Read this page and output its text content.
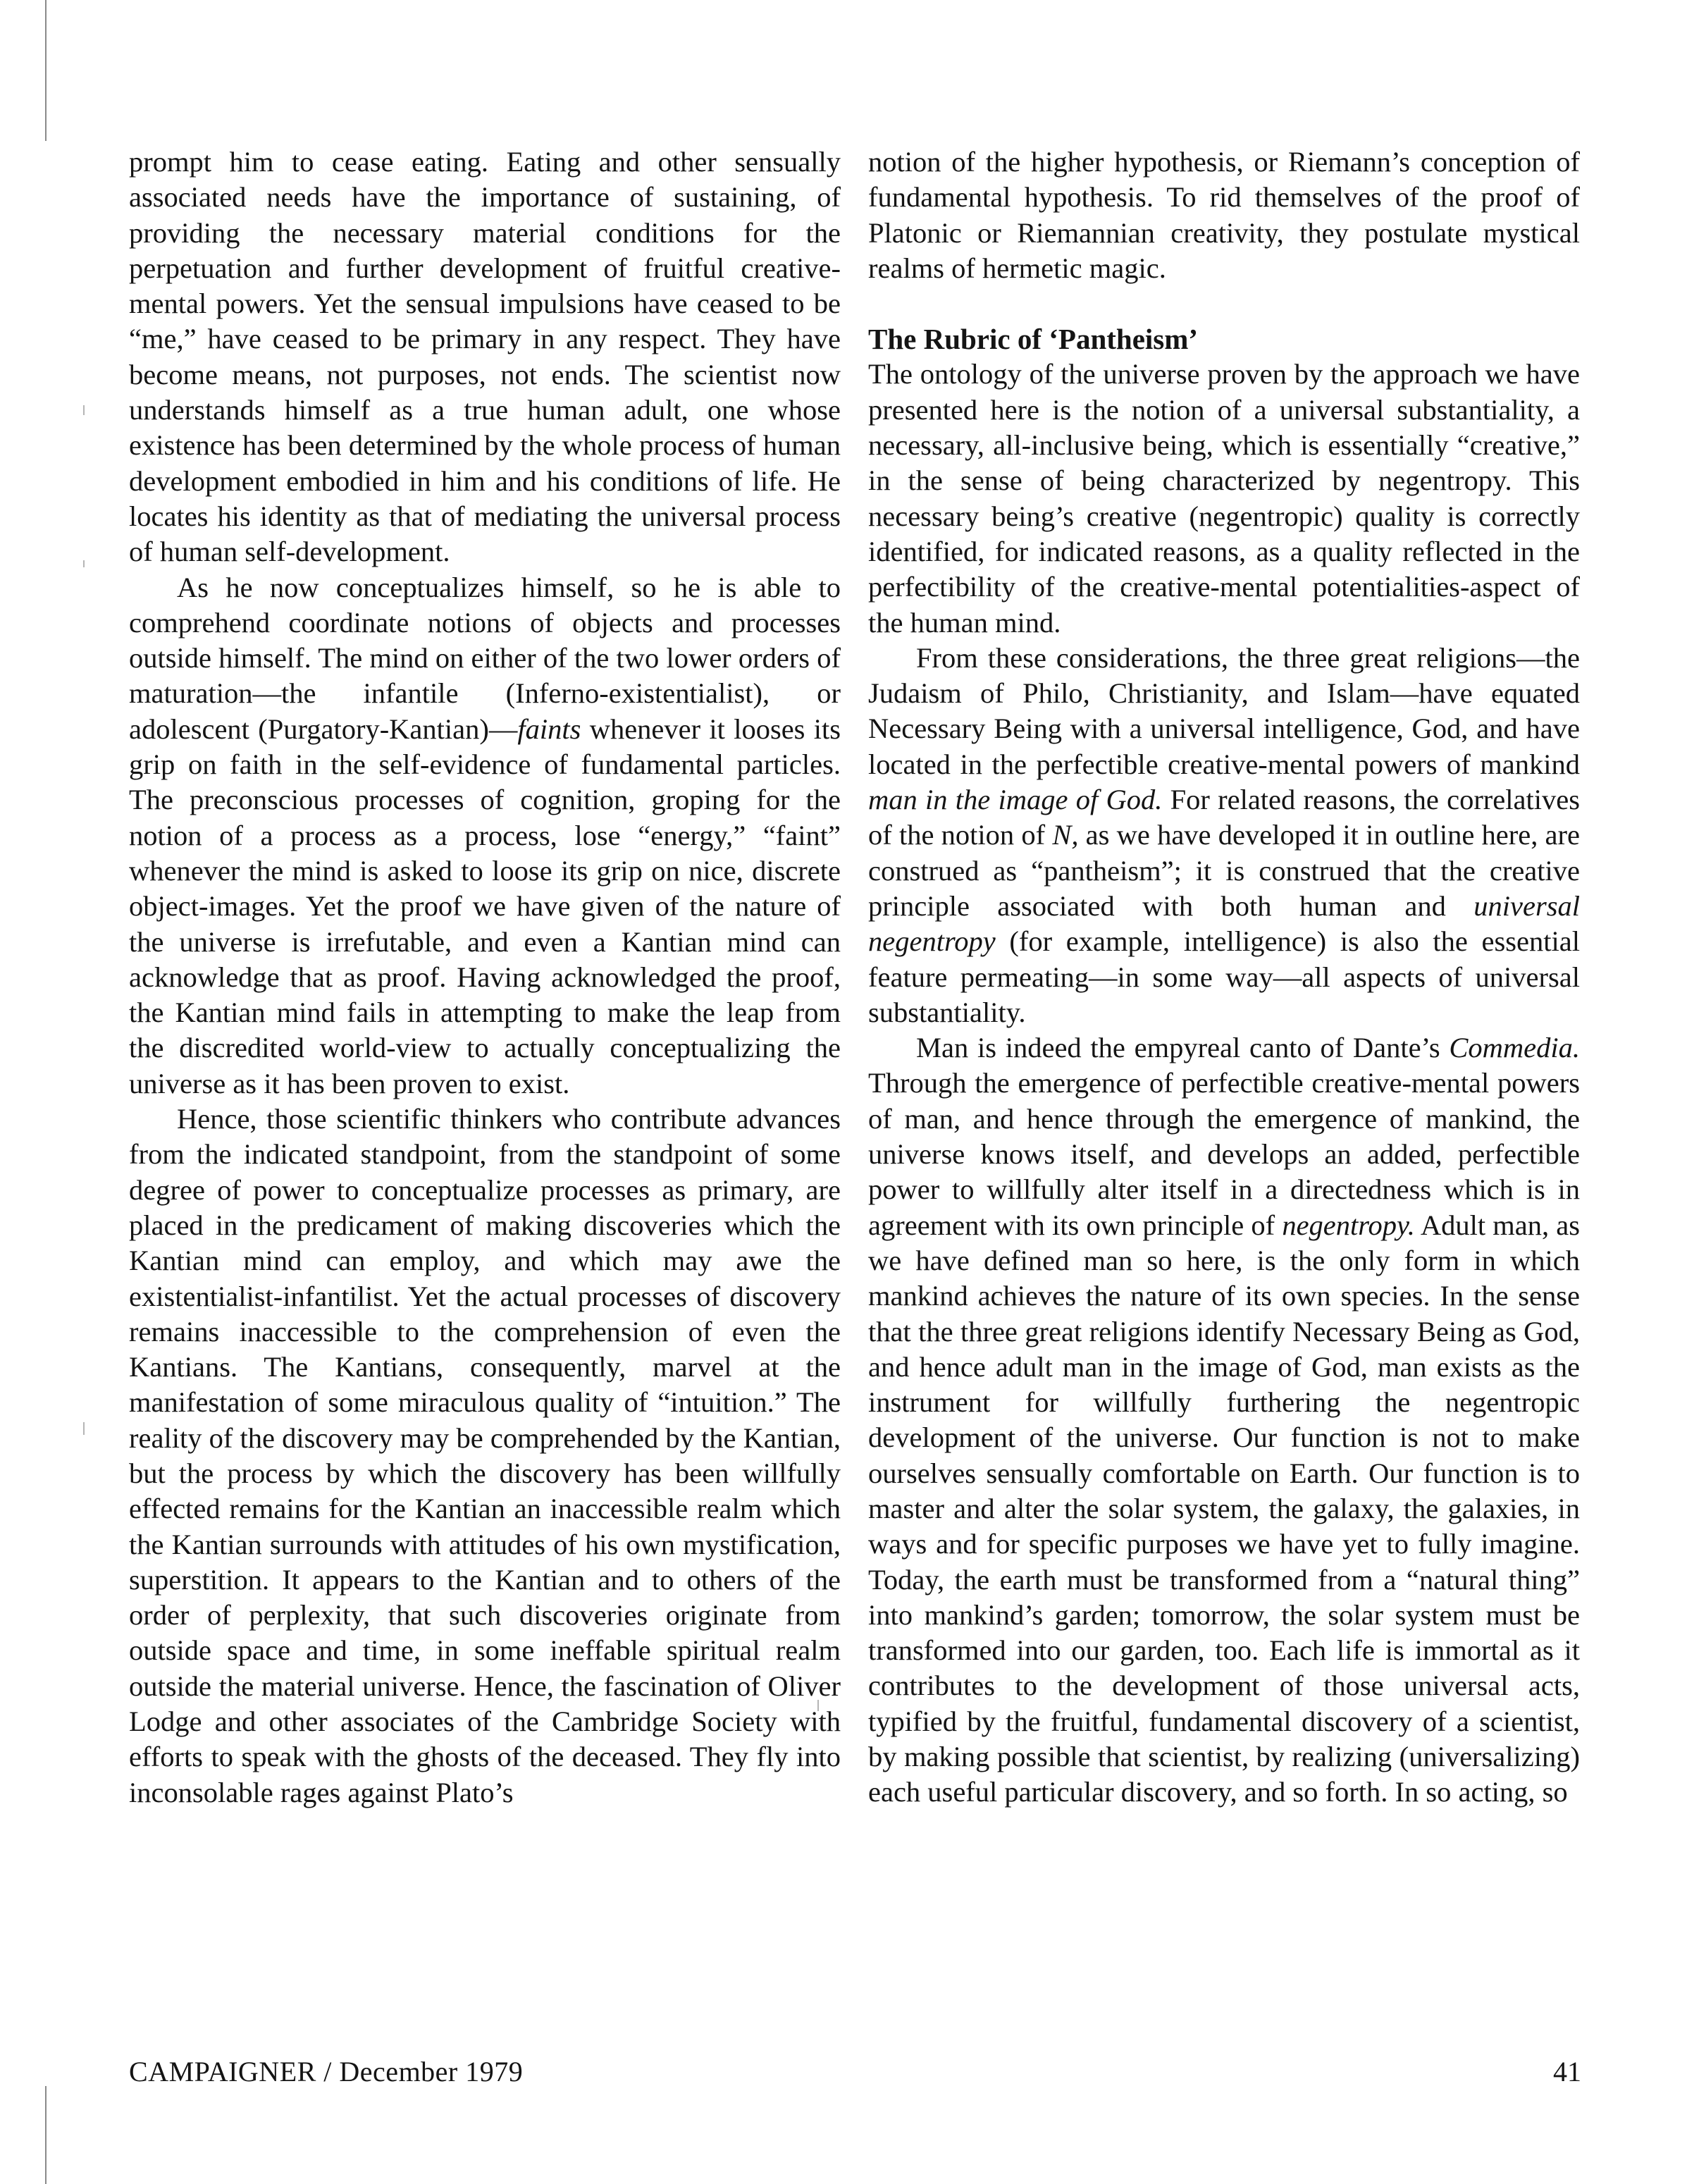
prompt him to cease eating. Eating and other sensually associated needs have the importance of sustaining, of providing the necessary material conditions for the perpetuation and further development of fruitful creative-mental powers. Yet the sensual impulsions have ceased to be “me,” have ceased to be primary in any respect. They have become means, not purposes, not ends. The scientist now understands himself as a true human adult, one whose existence has been determined by the whole process of human development embodied in him and his conditions of life. He locates his identity as that of mediating the universal process of human self-development.

As he now conceptualizes himself, so he is able to comprehend coordinate notions of objects and processes outside himself. The mind on either of the two lower orders of maturation—the infantile (Inferno-existentialist), or adolescent (Purgatory-Kantian)—faints whenever it looses its grip on faith in the self-evidence of fundamental particles. The preconscious processes of cognition, groping for the notion of a process as a process, lose “energy,” “faint” whenever the mind is asked to loose its grip on nice, discrete object-images. Yet the proof we have given of the nature of the universe is irrefutable, and even a Kantian mind can acknowledge that as proof. Having acknowledged the proof, the Kantian mind fails in attempting to make the leap from the discredited world-view to actually conceptualizing the universe as it has been proven to exist.

Hence, those scientific thinkers who contribute advances from the indicated standpoint, from the standpoint of some degree of power to conceptualize processes as primary, are placed in the predicament of making discoveries which the Kantian mind can employ, and which may awe the existentialist-infantilist. Yet the actual processes of discovery remains inaccessible to the comprehension of even the Kantians. The Kantians, consequently, marvel at the manifestation of some miraculous quality of “intuition.” The reality of the discovery may be comprehended by the Kantian, but the process by which the discovery has been willfully effected remains for the Kantian an inaccessible realm which the Kantian surrounds with attitudes of his own mystification, superstition. It appears to the Kantian and to others of the order of perplexity, that such discoveries originate from outside space and time, in some ineffable spiritual realm outside the material universe. Hence, the fascination of Oliver Lodge and other associates of the Cambridge Society with efforts to speak with the ghosts of the deceased. They fly into inconsolable rages against Plato’s

notion of the higher hypothesis, or Riemann’s conception of fundamental hypothesis. To rid themselves of the proof of Platonic or Riemannian creativity, they postulate mystical realms of hermetic magic.

The Rubric of ‘Pantheism’

The ontology of the universe proven by the approach we have presented here is the notion of a universal substantiality, a necessary, all-inclusive being, which is essentially “creative,” in the sense of being characterized by negentropy. This necessary being’s creative (negentropic) quality is correctly identified, for indicated reasons, as a quality reflected in the perfectibility of the creative-mental potentialities-aspect of the human mind.

From these considerations, the three great religions—the Judaism of Philo, Christianity, and Islam—have equated Necessary Being with a universal intelligence, God, and have located in the perfectible creative-mental powers of mankind man in the image of God. For related reasons, the correlatives of the notion of N, as we have developed it in outline here, are construed as “pantheism”; it is construed that the creative principle associated with both human and universal negentropy (for example, intelligence) is also the essential feature permeating—in some way—all aspects of universal substantiality.

Man is indeed the empyreal canto of Dante’s Commedia. Through the emergence of perfectible creative-mental powers of man, and hence through the emergence of mankind, the universe knows itself, and develops an added, perfectible power to willfully alter itself in a directedness which is in agreement with its own principle of negentropy. Adult man, as we have defined man so here, is the only form in which mankind achieves the nature of its own species. In the sense that the three great religions identify Necessary Being as God, and hence adult man in the image of God, man exists as the instrument for willfully furthering the negentropic development of the universe. Our function is not to make ourselves sensually comfortable on Earth. Our function is to master and alter the solar system, the galaxy, the galaxies, in ways and for specific purposes we have yet to fully imagine. Today, the earth must be transformed from a “natural thing” into mankind’s garden; tomorrow, the solar system must be transformed into our garden, too. Each life is immortal as it contributes to the development of those universal acts, typified by the fruitful, fundamental discovery of a scientist, by making possible that scientist, by realizing (universalizing) each useful particular discovery, and so forth. In so acting, so

CAMPAIGNER / December 1979	41
